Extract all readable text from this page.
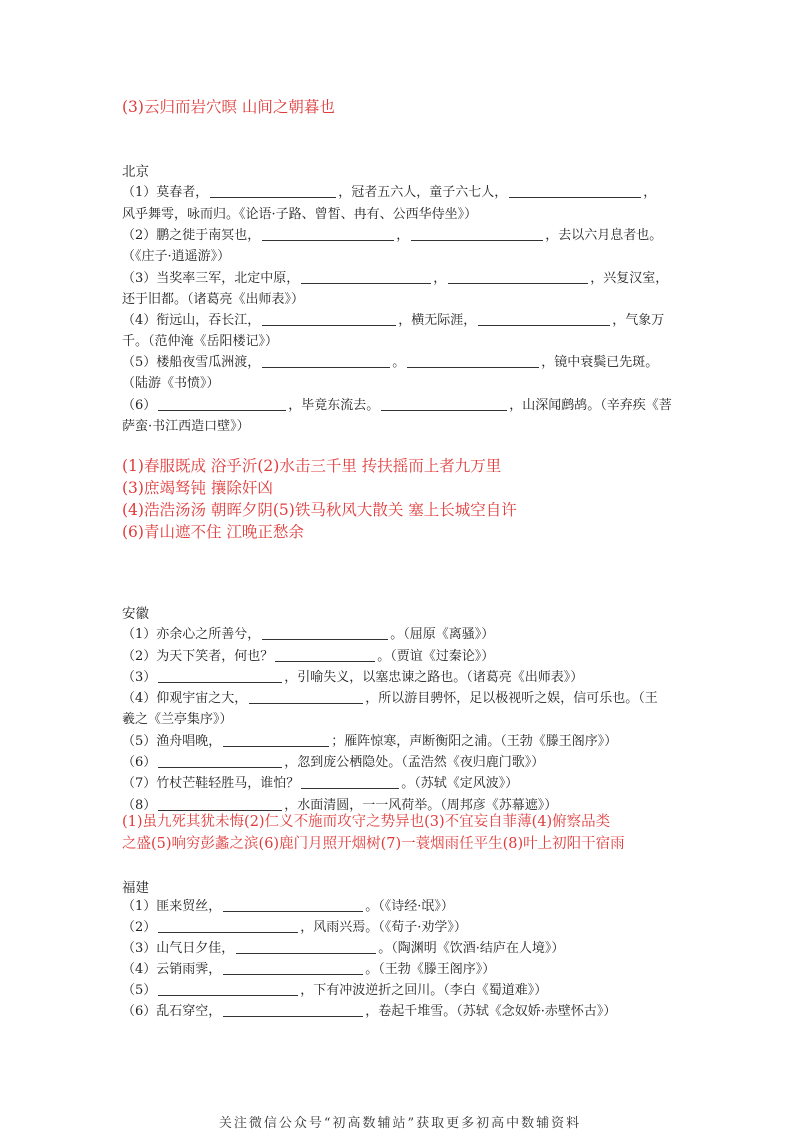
(3)云归而岩穴暝 山间之朝暮也
北京
（1）莫春者，	，冠者五六人，童子六七人，	，
风乎舞雩，咏而归。《论语·子路、曾皙、冉有、公西华侍坐》）
（2）鹏之徙于南冥也，	，	，去以六月息者也。
（《庄子·逍遥游》）
（3）当奖率三军，北定中原，	，	，兴复汉室，
还于旧都。（诸葛亮《出师表》）
（4）衔远山，吞长江，	，横无际涯，	，气象万
千。（范仲淹《岳阳楼记》）
（5）楼船夜雪瓜洲渡，	。	，镜中衰鬓已先斑。
（陆游《书愤》）
（6）	，毕竟东流去。	，山深闻鹧鸪。（辛弃疾《菩
萨蛮·书江西造口壁》）
(1)春服既成 浴乎沂(2)水击三千里 抟扶摇而上者九万里
(3)庶竭驽钝 攘除奸凶
(4)浩浩汤汤 朝晖夕阴(5)铁马秋风大散关 塞上长城空自许
(6)青山遮不住 江晚正愁余
安徽
（1）亦余心之所善兮，	。（屈原《离骚》）
（2）为天下笑者，何也？	。（贾谊《过秦论》）
（3）	，引喻失义，以塞忠谏之路也。（诸葛亮《出师表》）
（4）仰观宇宙之大，	，所以游目骋怀，足以极视听之娱，信可乐也。（王
羲之《兰亭集序》）
（5）渔舟唱晚，	；雁阵惊寒，声断衡阳之浦。（王勃《滕王阁序》）
（6）	，忽到庞公栖隐处。（孟浩然《夜归鹿门歌》）
（7）竹杖芒鞋轻胜马，谁怕？	。（苏轼《定风波》）
（8）	，水面清圆，一一风荷举。（周邦彦《苏幕遮》）
(1)虽九死其犹未悔(2)仁义不施而攻守之势异也(3)不宜妄自菲薄(4)俯察品类
之盛(5)响穷彭蠡之滨(6)鹿门月照开烟树(7)一蓑烟雨任平生(8)叶上初阳干宿雨
福建
（1）匪来贸丝，	。（《诗经·氓》）
（2）	，风雨兴焉。（《荀子·劝学》）
（3）山气日夕佳，	。（陶渊明《饮酒·结庐在人境》）
（4）云销雨霁，	。（王勃《滕王阁序》）
（5）	，下有冲波逆折之回川。（李白《蜀道难》）
（6）乱石穿空，	，卷起千堆雪。（苏轼《念奴娇·赤壁怀古》）
关注微信公众号“初高数辅站”获取更多初高中数辅资料
